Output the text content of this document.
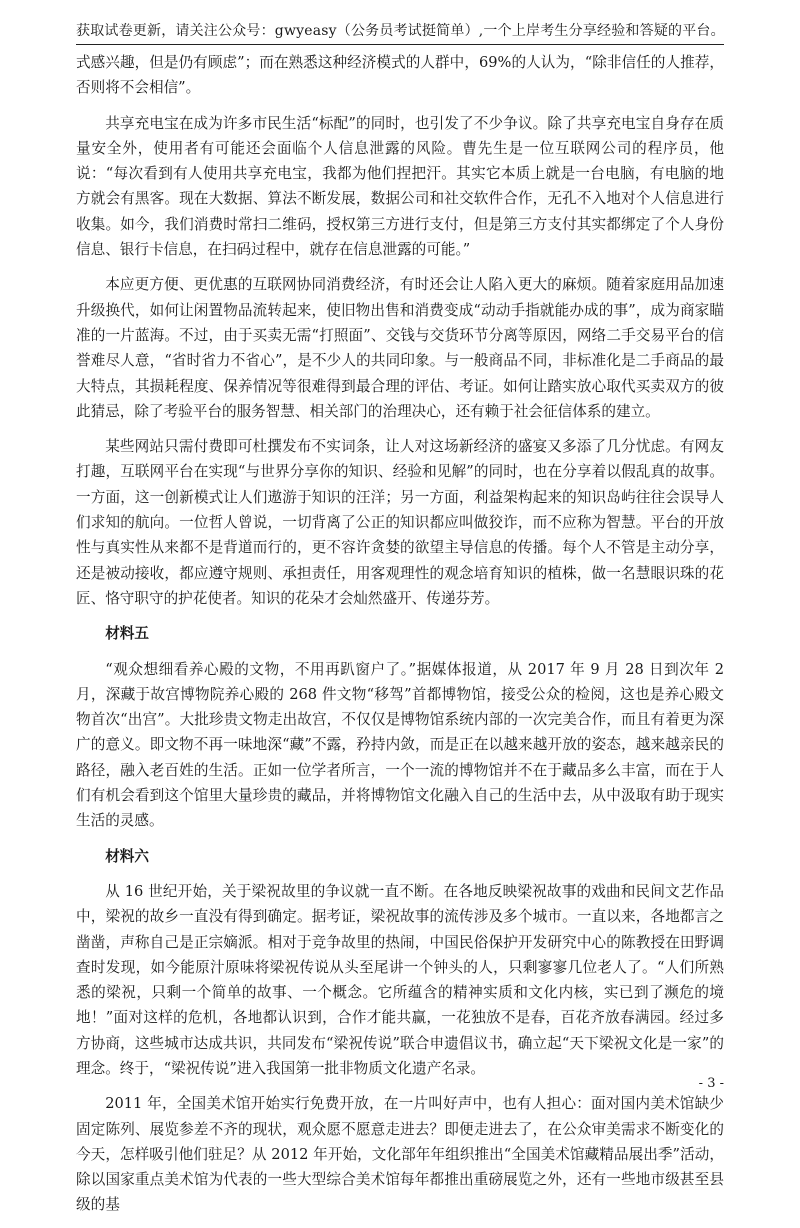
获取试卷更新，请关注公众号：gwyeasy（公务员考试挺简单）,一个上岸考生分享经验和答疑的平台。

式感兴趣，但是仍有顾虑”；而在熟悉这种经济模式的人群中，69%的人认为，“除非信任的人推荐，否则将不会相信”。

共享充电宝在成为许多市民生活“标配”的同时，也引发了不少争议。除了共享充电宝自身存在质量安全外，使用者有可能还会面临个人信息泄露的风险。曹先生是一位互联网公司的程序员，他说：“每次看到有人使用共享充电宝，我都为他们捏把汗。其实它本质上就是一台电脑，有电脑的地方就会有黑客。现在大数据、算法不断发展，数据公司和社交软件合作，无孔不入地对个人信息进行收集。如今，我们消费时常扫二维码，授权第三方进行支付，但是第三方支付其实都绑定了个人身份信息、银行卡信息，在扫码过程中，就存在信息泄露的可能。”

本应更方便、更优惠的互联网协同消费经济，有时还会让人陷入更大的麻烦。随着家庭用品加速升级换代，如何让闲置物品流转起来，使旧物出售和消费变成“动动手指就能办成的事”，成为商家瞄准的一片蓝海。不过，由于买卖无需“打照面”、交钱与交货环节分离等原因，网络二手交易平台的信誉难尽人意，“省时省力不省心”，是不少人的共同印象。与一般商品不同，非标准化是二手商品的最大特点，其损耗程度、保养情况等很难得到最合理的评估、考证。如何让踏实放心取代买卖双方的彼此猜忌，除了考验平台的服务智慧、相关部门的治理决心，还有赖于社会征信体系的建立。

某些网站只需付费即可杜撰发布不实词条，让人对这场新经济的盛宴又多添了几分忧虑。有网友打趣，互联网平台在实现“与世界分享你的知识、经验和见解”的同时，也在分享着以假乱真的故事。一方面，这一创新模式让人们遨游于知识的汪洋；另一方面，利益架构起来的知识岛屿往往会误导人们求知的航向。一位哲人曾说，一切背离了公正的知识都应叫做狡诈，而不应称为智慧。平台的开放性与真实性从来都不是背道而行的，更不容许贪婪的欲望主导信息的传播。每个人不管是主动分享，还是被动接收，都应遵守规则、承担责任，用客观理性的观念培育知识的植株，做一名慧眼识珠的花匠、恪守职守的护花使者。知识的花朵才会灿然盛开、传递芬芳。

材料五

“观众想细看养心殿的文物，不用再趴窗户了。”据媒体报道，从 2017 年 9 月 28 日到次年 2 月，深藏于故宫博物院养心殿的 268 件文物“移驾”首都博物馆，接受公众的检阅，这也是养心殿文物首次“出宫”。大批珍贵文物走出故宫，不仅仅是博物馆系统内部的一次完美合作，而且有着更为深广的意义。即文物不再一味地深“藏”不露，矜持内敛，而是正在以越来越开放的姿态，越来越亲民的路径，融入老百姓的生活。正如一位学者所言，一个一流的博物馆并不在于藏品多么丰富，而在于人们有机会看到这个馆里大量珍贵的藏品，并将博物馆文化融入自己的生活中去，从中汲取有助于现实生活的灵感。

材料六

从 16 世纪开始，关于梁祝故里的争议就一直不断。在各地反映梁祝故事的戏曲和民间文艺作品中，梁祝的故乡一直没有得到确定。据考证，梁祝故事的流传涉及多个城市。一直以来，各地都言之凿凿，声称自己是正宗嫡派。相对于竞争故里的热闹，中国民俗保护开发研究中心的陈教授在田野调查时发现，如今能原汁原味将梁祝传说从头至尾讲一个钟头的人，只剩寥寥几位老人了。“人们所熟悉的梁祝，只剩一个简单的故事、一个概念。它所蕴含的精神实质和文化内核，实已到了濒危的境地！”面对这样的危机，各地都认识到，合作才能共赢，一花独放不是春，百花齐放春满园。经过多方协商，这些城市达成共识，共同发布“梁祝传说”联合申遗倡议书，确立起“天下梁祝文化是一家”的理念。终于，“梁祝传说”进入我国第一批非物质文化遗产名录。

2011 年，全国美术馆开始实行免费开放，在一片叫好声中，也有人担心：面对国内美术馆缺少固定陈列、展览参差不齐的现状，观众愿不愿意走进去？即便走进去了，在公众审美需求不断变化的今天，怎样吸引他们驻足？从 2012 年开始，文化部年年组织推出“全国美术馆藏精品展出季”活动，除以国家重点美术馆为代表的一些大型综合美术馆每年都推出重磅展览之外，还有一些地市级甚至县级的基

- 3 -
